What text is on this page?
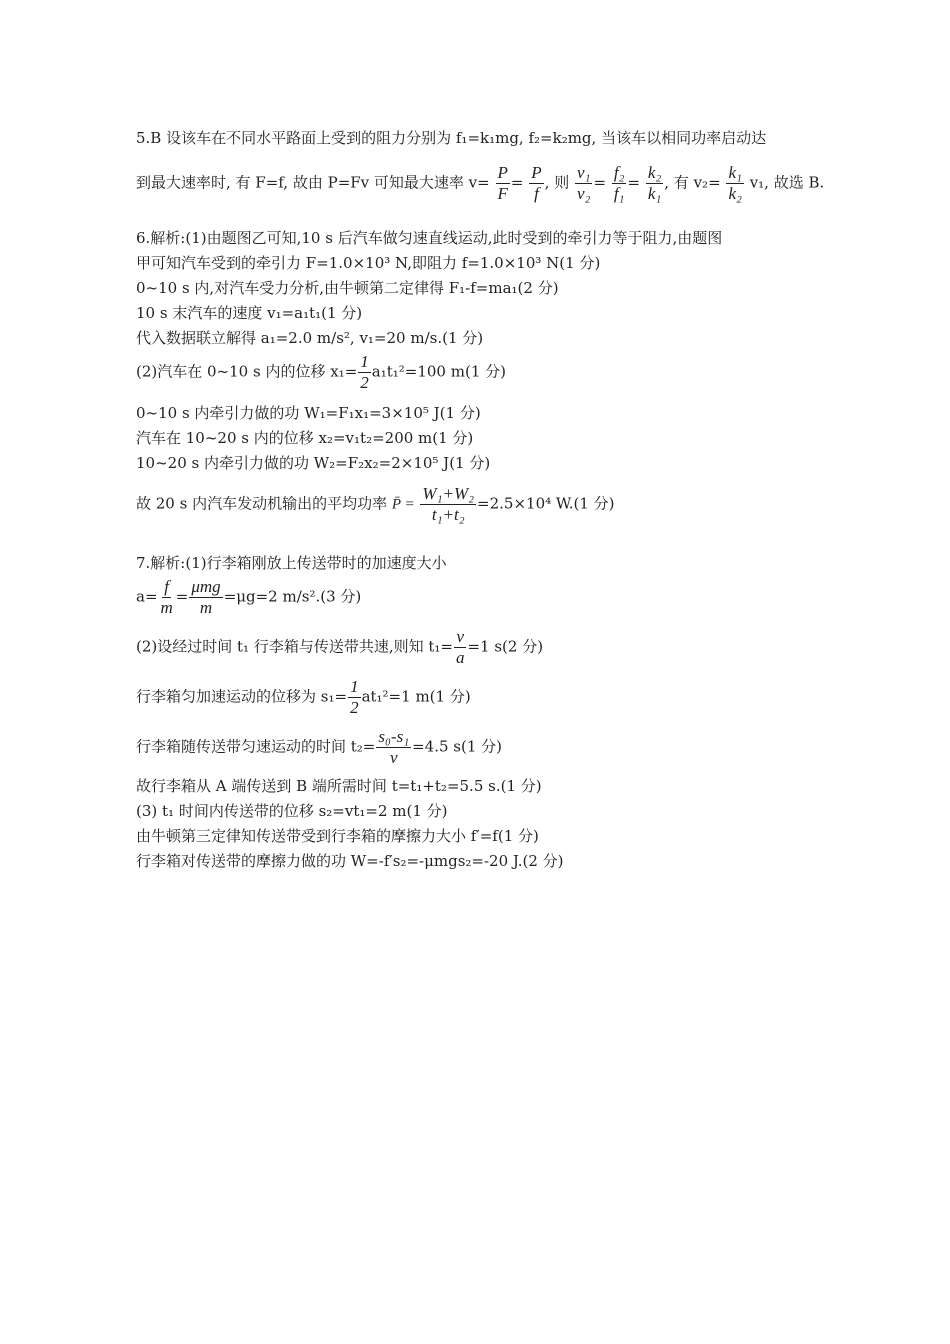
5.B 设该车在不同水平路面上受到的阻力分别为 f₁=k₁mg, f₂=k₂mg, 当该车以相同功率启动达
到最大速率时, 有 F=f, 故由 P=Fv 可知最大速率 $v= \frac{P}{F} = \frac{P}{f}$ , 则 $\frac{\text{v₁}}{\text{v₂}} = \frac{\text{f₂}}{\text{f₁}} = \frac{\text{k₂}}{\text{k₁}}$ , 有 $v_2= \frac{\text{k₁}}{\text{k₂}} v_1$, 故选 B.
6.解析:(1)由题图乙可知,10 s 后汽车做匀速直线运动,此时受到的牵引力等于阻力,由题图
甲可知汽车受到的牵引力 F=1.0×10³ N,即阻力 f=1.0×10³ N(1 分)
0~10 s 内,对汽车受力分析,由牛顿第二定律得 F₁-f=ma₁(2 分)
10 s 末汽车的速度 v₁=a₁t₁(1 分)
代入数据联立解得 a₁=2.0 m/s², v₁=20 m/s.(1 分)
(2)汽车在 0~10 s 内的位移 $x_1= \frac{1}{2} a_1t_1^2=100$ m(1 分)
0~10 s 内牵引力做的功 W₁=F₁x₁=3×10⁵ J(1 分)
汽车在 10~20 s 内的位移 x₂=v₁t₂=200 m(1 分)
10~20 s 内牵引力做的功 W₂=F₂x₂=2×10⁵ J(1 分)
故 20 s 内汽车发动机输出的平均功率 P̄ = $\frac{\text{W₁+W₂}}{\text{t₁+t₂}} =2.5\times 10^4$ W.(1 分)
7.解析:(1)行李箱刚放上传送带时的加速度大小
$a= \frac{f}{m} = \frac{\text{μmg}}{m} =\mu g=2$ m/s².(3 分)
(2)设经过时间 t₁ 行李箱与传送带共速,则知 $t_1= \frac{v}{a} =1$ s(2 分)
行李箱匀加速运动的位移为 $s_1= \frac{1}{2} at_1^2=1$ m(1 分)
行李箱随传送带匀速运动的时间 $t_2= \frac{\text{s₀-s₁}}{v} =4.5$ s(1 分)
故行李箱从 A 端传送到 B 端所需时间 t=t₁+t₂=5.5 s.(1 分)
(3) t₁ 时间内传送带的位移 s₂=vt₁=2 m(1 分)
由牛顿第三定律知传送带受到行李箱的摩擦力大小 f′=f(1 分)
行李箱对传送带的摩擦力做的功 W=-f′s₂=-μmgs₂=-20 J.(2 分)
